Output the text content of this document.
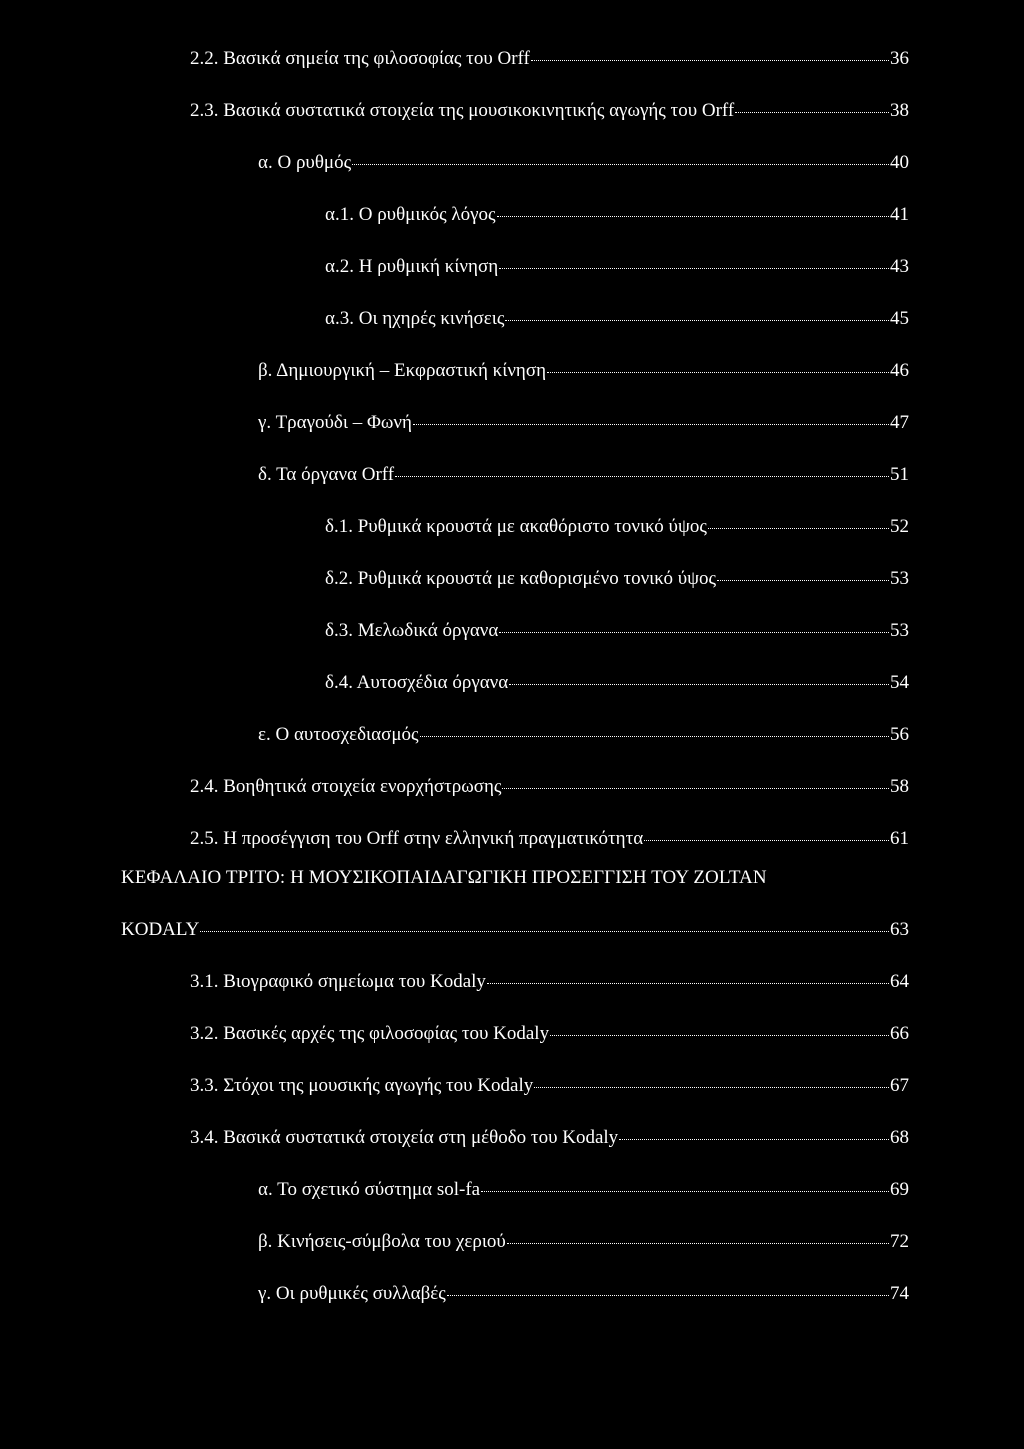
2.2. Βασικά σημεία της φιλοσοφίας του Orff	36
2.3. Βασικά συστατικά στοιχεία της μουσικοκινητικής αγωγής του Orff	38
α. Ο ρυθμός	40
α.1. Ο ρυθμικός λόγος	41
α.2. Η ρυθμική κίνηση	43
α.3. Οι ηχηρές κινήσεις	45
β. Δημιουργική – Εκφραστική κίνηση	46
γ. Τραγούδι – Φωνή	47
δ. Τα όργανα Orff	51
δ.1. Ρυθμικά κρουστά με ακαθόριστο τονικό ύψος	52
δ.2. Ρυθμικά κρουστά με καθορισμένο τονικό ύψος	53
δ.3. Μελωδικά όργανα	53
δ.4. Αυτοσχέδια όργανα	54
ε. Ο αυτοσχεδιασμός	56
2.4. Βοηθητικά στοιχεία ενορχήστρωσης	58
2.5. Η προσέγγιση του Orff στην ελληνική πραγματικότητα	61
ΚΕΦΑΛΑΙΟ ΤΡΙΤΟ: Η ΜΟΥΣΙΚΟΠΑΙΔΑΓΩΓΙΚΗ ΠΡΟΣΕΓΓΙΣΗ ΤΟΥ ZOLTAN
KODALY	63
3.1. Βιογραφικό σημείωμα του Kodaly	64
3.2. Βασικές αρχές της φιλοσοφίας του Kodaly	66
3.3. Στόχοι της μουσικής αγωγής του Kodaly	67
3.4. Βασικά συστατικά στοιχεία στη μέθοδο του Kodaly	68
α. Το σχετικό σύστημα sol-fa	69
β. Κινήσεις-σύμβολα του χεριού	72
γ. Οι ρυθμικές συλλαβές	74
